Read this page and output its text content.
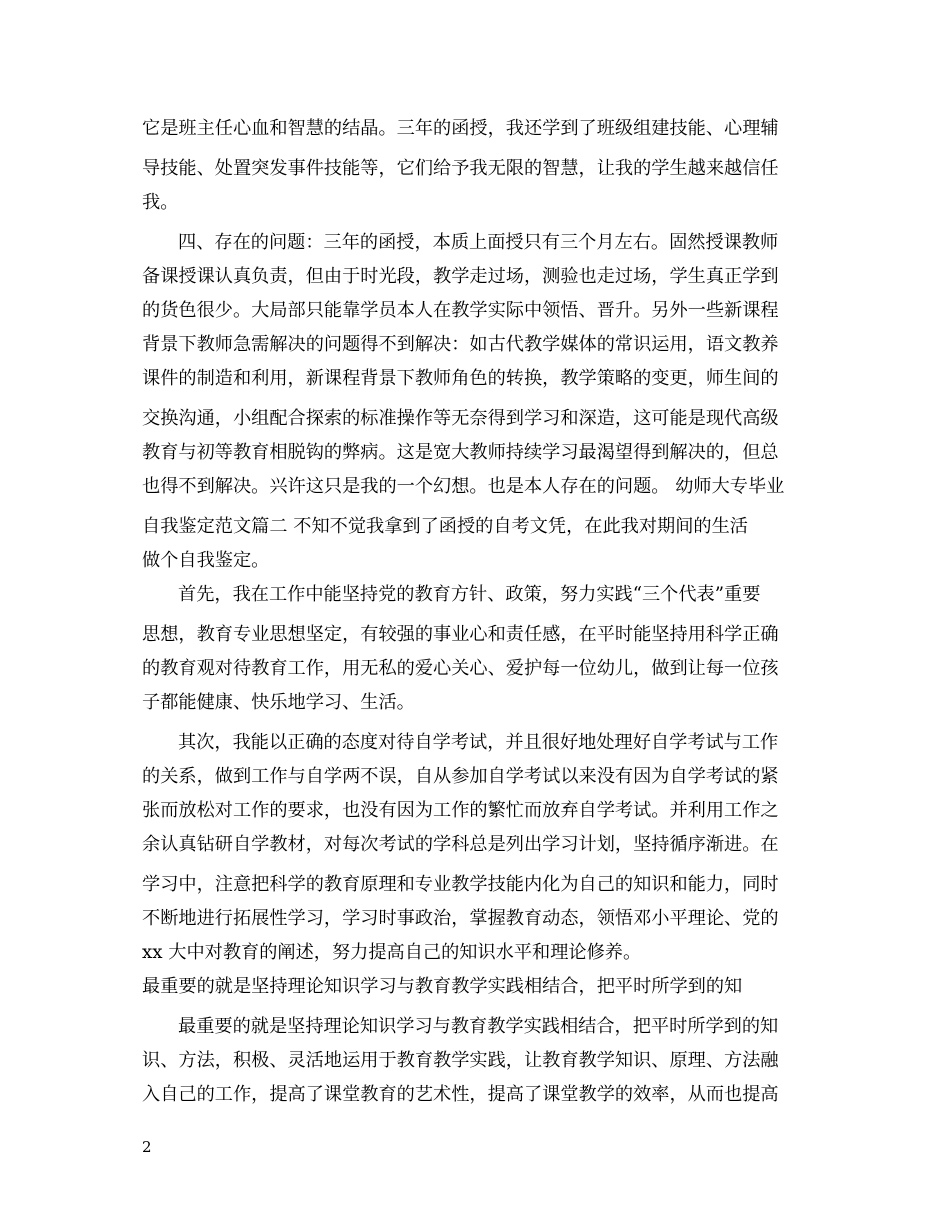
它是班主任心血和智慧的结晶。三年的函授，我还学到了班级组建技能、心理辅
导技能、处置突发事件技能等，它们给予我无限的智慧，让我的学生越来越信任
我。
四、存在的问题：三年的函授，本质上面授只有三个月左右。固然授课教师
备课授课认真负责，但由于时光段，教学走过场，测验也走过场，学生真正学到
的货色很少。大局部只能靠学员本人在教学实际中领悟、晋升。另外一些新课程
背景下教师急需解决的问题得不到解决：如古代教学媒体的常识运用，语文教养
课件的制造和利用，新课程背景下教师角色的转换，教学策略的变更，师生间的
交换沟通，小组配合探索的标准操作等无奈得到学习和深造，这可能是现代高级
教育与初等教育相脱钩的弊病。这是宽大教师持续学习最渴望得到解决的，但总
也得不到解决。兴许这只是我的一个幻想。也是本人存在的问题。 幼师大专毕业
自我鉴定范文篇二 不知不觉我拿到了函授的自考文凭，在此我对期间的生活
做个自我鉴定。
首先，我在工作中能坚持党的教育方针、政策，努力实践“三个代表”重要
思想，教育专业思想坚定，有较强的事业心和责任感，在平时能坚持用科学正确
的教育观对待教育工作，用无私的爱心关心、爱护每一位幼儿，做到让每一位孩
子都能健康、快乐地学习、生活。
其次，我能以正确的态度对待自学考试，并且很好地处理好自学考试与工作
的关系，做到工作与自学两不误，自从参加自学考试以来没有因为自学考试的紧
张而放松对工作的要求，也没有因为工作的繁忙而放弃自学考试。并利用工作之
余认真钻研自学教材，对每次考试的学科总是列出学习计划，坚持循序渐进。在
学习中，注意把科学的教育原理和专业教学技能内化为自己的知识和能力，同时
不断地进行拓展性学习，学习时事政治，掌握教育动态，领悟邓小平理论、党的
xx 大中对教育的阐述，努力提高自己的知识水平和理论修养。
最重要的就是坚持理论知识学习与教育教学实践相结合，把平时所学到的知
最重要的就是坚持理论知识学习与教育教学实践相结合，把平时所学到的知
识、方法，积极、灵活地运用于教育教学实践，让教育教学知识、原理、方法融
入自己的工作，提高了课堂教育的艺术性，提高了课堂教学的效率，从而也提高
2
